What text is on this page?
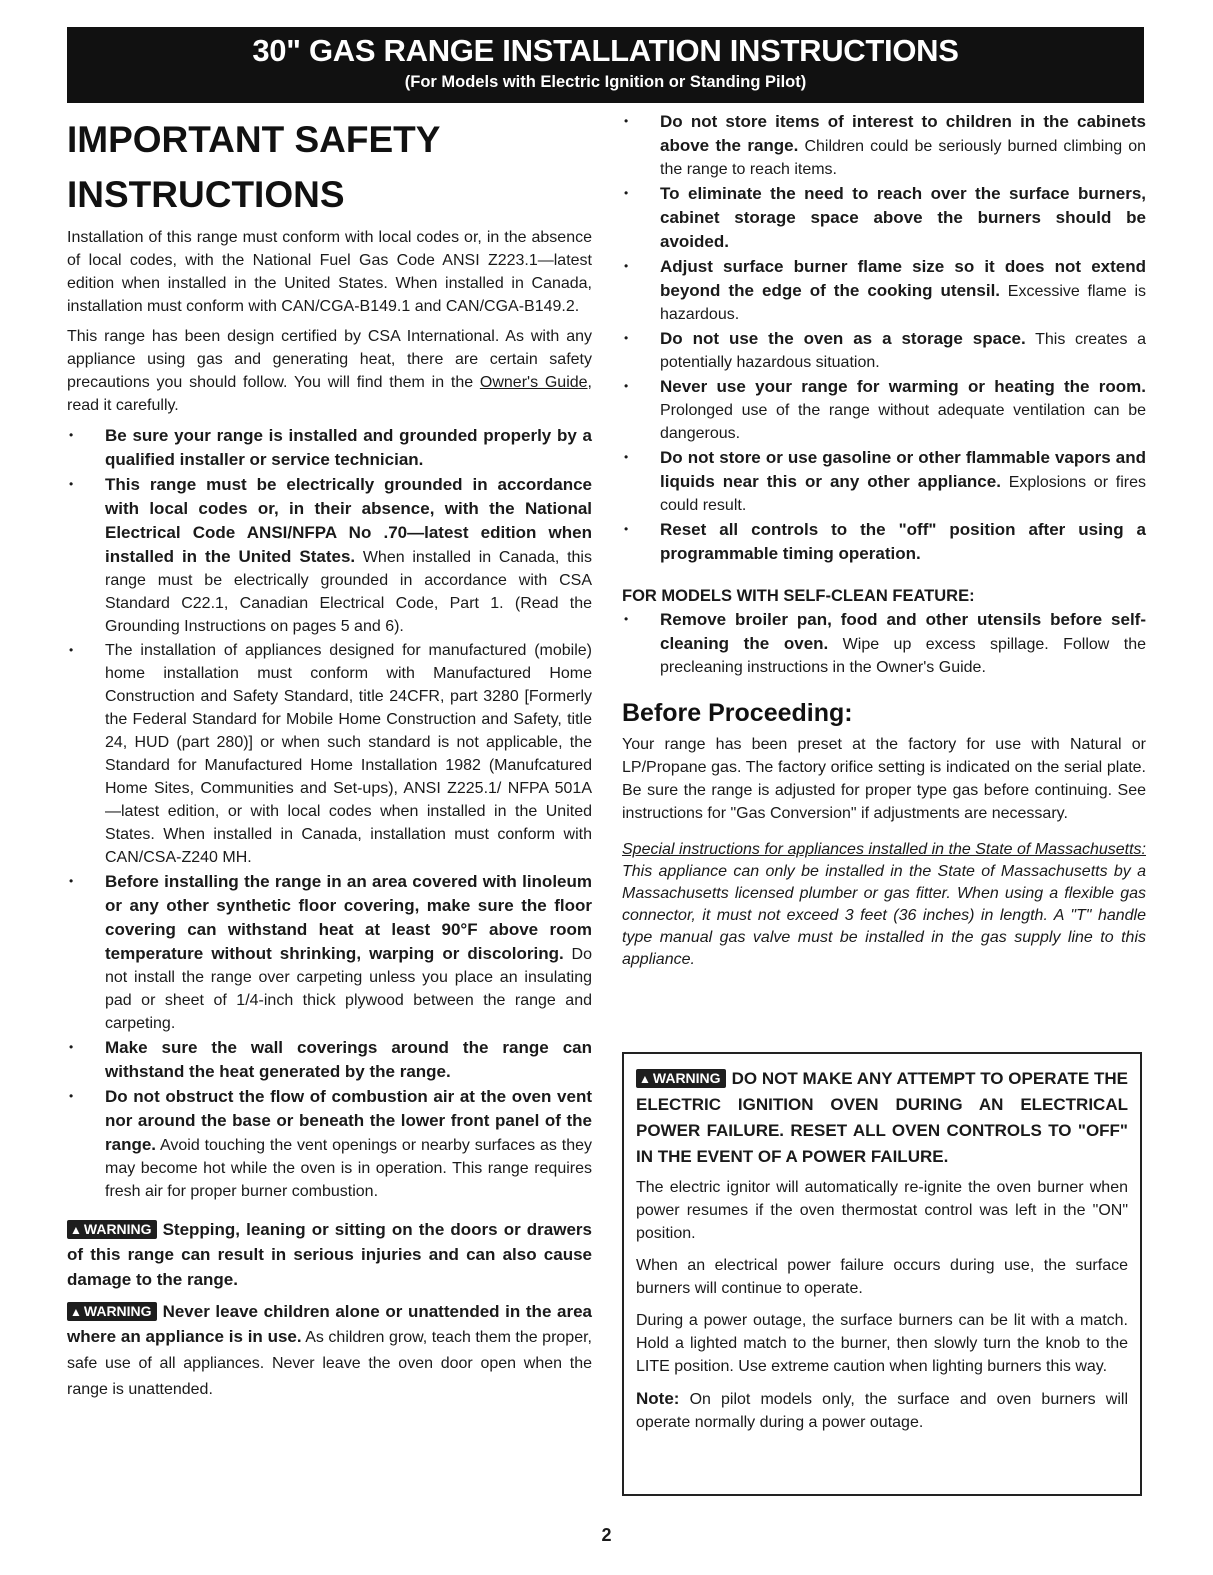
30" GAS RANGE INSTALLATION INSTRUCTIONS
(For Models with Electric Ignition or Standing Pilot)
IMPORTANT SAFETY
INSTRUCTIONS

Installation of this range must conform with local codes or, in the absence of local codes, with the National Fuel Gas Code ANSI Z223.1—latest edition when installed in the United States. When installed in Canada, installation must conform with CAN/CGA-B149.1 and CAN/CGA-B149.2.

This range has been design certified by CSA International. As with any appliance using gas and generating heat, there are certain safety precautions you should follow. You will find them in the Owner's Guide, read it carefully.

• Be sure your range is installed and grounded properly by a qualified installer or service technician.
• This range must be electrically grounded in accordance with local codes or, in their absence, with the National Electrical Code ANSI/NFPA No .70—latest edition when installed in the United States. When installed in Canada, this range must be electrically grounded in accordance with CSA Standard C22.1, Canadian Electrical Code, Part 1. (Read the Grounding Instructions on pages 5 and 6).
• The installation of appliances designed for manufactured (mobile) home installation must conform with Manufactured Home Construction and Safety Standard, title 24CFR, part 3280 [Formerly the Federal Standard for Mobile Home Construction and Safety, title 24, HUD (part 280)] or when such standard is not applicable, the Standard for Manufactured Home Installation 1982 (Manufcatured Home Sites, Communities and Set-ups), ANSI Z225.1/ NFPA 501A—latest edition, or with local codes when installed in the United States. When installed in Canada, installation must conform with CAN/CSA-Z240 MH.
• Before installing the range in an area covered with linoleum or any other synthetic floor covering, make sure the floor covering can withstand heat at least 90°F above room temperature without shrinking, warping or discoloring. Do not install the range over carpeting unless you place an insulating pad or sheet of 1/4-inch thick plywood between the range and carpeting.
• Make sure the wall coverings around the range can withstand the heat generated by the range.
• Do not obstruct the flow of combustion air at the oven vent nor around the base or beneath the lower front panel of the range. Avoid touching the vent openings or nearby surfaces as they may become hot while the oven is in operation. This range requires fresh air for proper burner combustion.

▲ WARNING Stepping, leaning or sitting on the doors or drawers of this range can result in serious injuries and can also cause damage to the range.

▲ WARNING Never leave children alone or unattended in the area where an appliance is in use. As children grow, teach them the proper, safe use of all appliances. Never leave the oven door open when the range is unattended.

• Do not store items of interest to children in the cabinets above the range. Children could be seriously burned climbing on the range to reach items.
• To eliminate the need to reach over the surface burners, cabinet storage space above the burners should be avoided.
• Adjust surface burner flame size so it does not extend beyond the edge of the cooking utensil. Excessive flame is hazardous.
• Do not use the oven as a storage space. This creates a potentially hazardous situation.
• Never use your range for warming or heating the room. Prolonged use of the range without adequate ventilation can be dangerous.
• Do not store or use gasoline or other flammable vapors and liquids near this or any other appliance. Explosions or fires could result.
• Reset all controls to the "off" position after using a programmable timing operation.
FOR MODELS WITH SELF-CLEAN FEATURE:
• Remove broiler pan, food and other utensils before self-cleaning the oven. Wipe up excess spillage. Follow the precleaning instructions in the Owner's Guide.
Before Proceeding:

Your range has been preset at the factory for use with Natural or LP/Propane gas. The factory orifice setting is indicated on the serial plate. Be sure the range is adjusted for proper type gas before continuing. See instructions for "Gas Conversion" if adjustments are necessary.

Special instructions for appliances installed in the State of Massachusetts: This appliance can only be installed in the State of Massachusetts by a Massachusetts licensed plumber or gas fitter. When using a flexible gas connector, it must not exceed 3 feet (36 inches) in length. A "T" handle type manual gas valve must be installed in the gas supply line to this appliance.

▲ WARNING DO NOT MAKE ANY ATTEMPT TO OPERATE THE ELECTRIC IGNITION OVEN DURING AN ELECTRICAL POWER FAILURE. RESET ALL OVEN CONTROLS TO "OFF" IN THE EVENT OF A POWER FAILURE.

The electric ignitor will automatically re-ignite the oven burner when power resumes if the oven thermostat control was left in the "ON" position.

When an electrical power failure occurs during use, the surface burners will continue to operate.

During a power outage, the surface burners can be lit with a match. Hold a lighted match to the burner, then slowly turn the knob to the LITE position. Use extreme caution when lighting burners this way.

Note: On pilot models only, the surface and oven burners will operate normally during a power outage.

2
